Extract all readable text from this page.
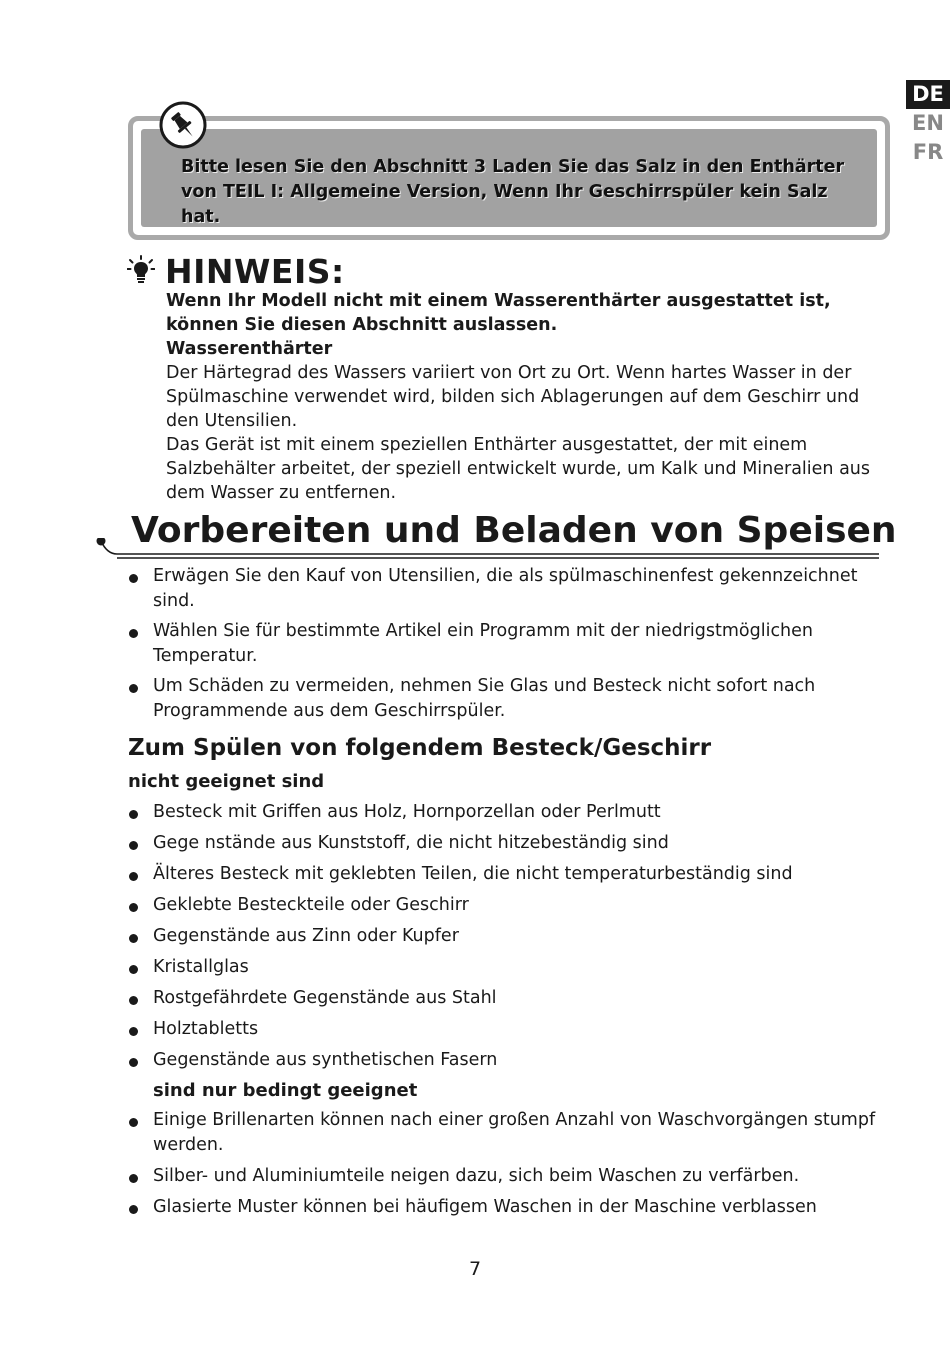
DE
EN
FR
Bitte lesen Sie den Abschnitt 3 Laden Sie das Salz in den Enthärter
von TEIL I: Allgemeine Version, Wenn Ihr Geschirrspüler kein Salz hat.
HINWEIS:

Wenn Ihr Modell nicht mit einem Wasserenthärter ausgestattet ist, können Sie diesen Abschnitt auslassen.

Wasserenthärter

Der Härtegrad des Wassers variiert von Ort zu Ort. Wenn hartes Wasser in der Spülmaschine verwendet wird, bilden sich Ablagerungen auf dem Geschirr und den Utensilien.

Das Gerät ist mit einem speziellen Enthärter ausgestattet, der mit einem Salzbehälter arbeitet, der speziell entwickelt wurde, um Kalk und Mineralien aus dem Wasser zu entfernen.

Vorbereiten und Beladen von Speisen
Erwägen Sie den Kauf von Utensilien, die als spülmaschinenfest gekennzeichnet sind.
Wählen Sie für bestimmte Artikel ein Programm mit der niedrigstmöglichen Temperatur.
Um Schäden zu vermeiden, nehmen Sie Glas und Besteck nicht sofort nach Programmende aus dem Geschirrspüler.
Zum Spülen von folgendem Besteck/Geschirr
nicht geeignet sind
Besteck mit Griffen aus Holz, Hornporzellan oder Perlmutt
Gege nstände aus Kunststoff, die nicht hitzebeständig sind
Älteres Besteck mit geklebten Teilen, die nicht temperaturbeständig sind
Geklebte Besteckteile oder Geschirr
Gegenstände aus Zinn oder Kupfer
Kristallglas
Rostgefährdete Gegenstände aus Stahl
Holztabletts
Gegenstände aus synthetischen Fasern
sind nur bedingt geeignet
Einige Brillenarten können nach einer großen Anzahl von Waschvorgängen stumpf werden.
Silber- und Aluminiumteile neigen dazu, sich beim Waschen zu verfärben.
Glasierte Muster können bei häufigem Waschen in der Maschine verblassen
7
